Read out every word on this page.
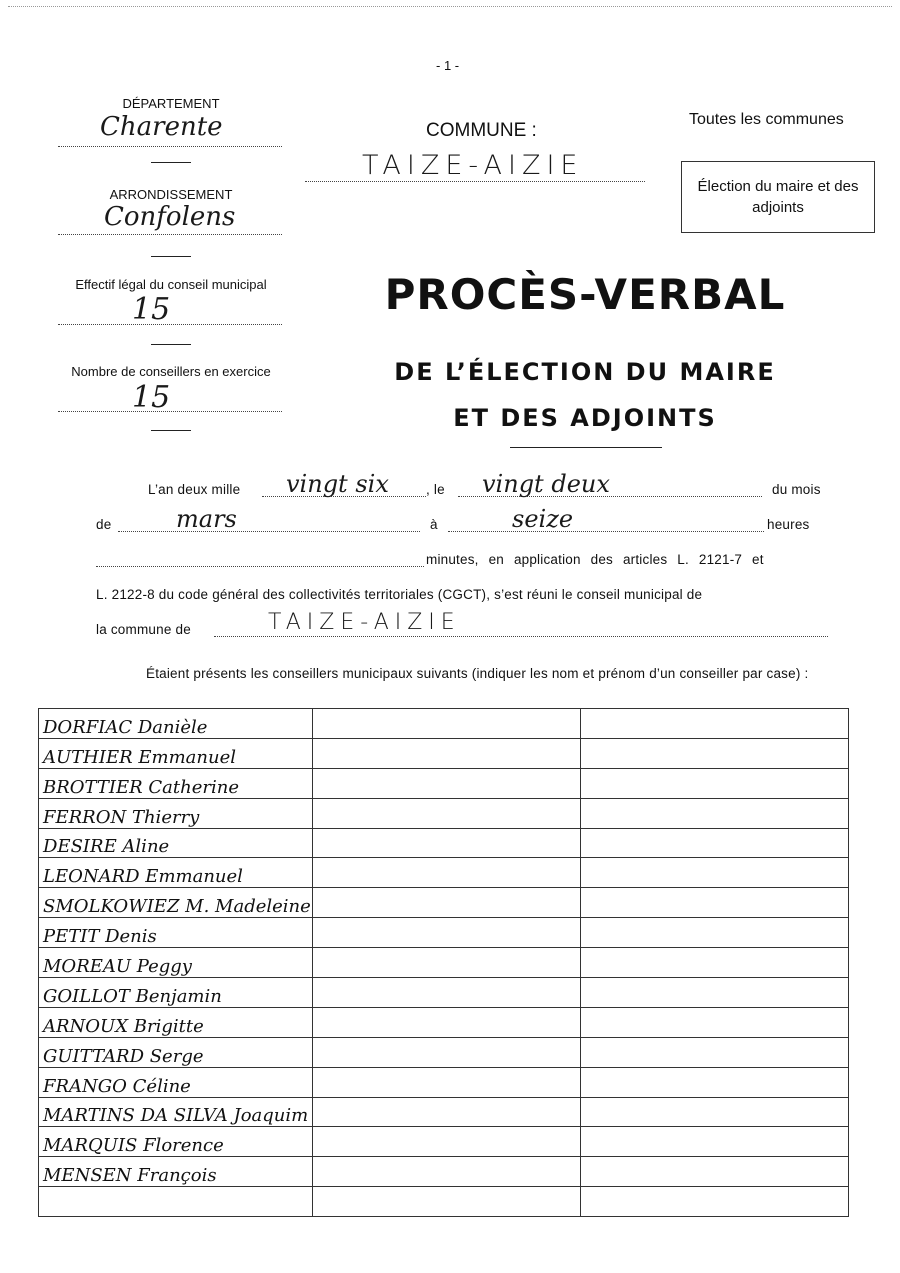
- 1 -
DÉPARTEMENT
Charente
ARRONDISSEMENT
Confolens
Effectif légal du conseil municipal
15
Nombre de conseillers en exercice
15
COMMUNE :
TAIZE-AIZIE
Toutes les communes
Élection du maire et des adjoints
PROCÈS-VERBAL
DE L’ÉLECTION DU MAIRE
ET DES ADJOINTS
L’an deux mille vingt six	, le vingt deux	du mois
de	mars	à	seize	heures
minutes, en application des articles L. 2121-7 et
L. 2122-8 du code général des collectivités territoriales (CGCT), s’est réuni le conseil municipal de
la commune de	TAIZE-AIZIE
Étaient présents les conseillers municipaux suivants (indiquer les nom et prénom d’un conseiller par case) :
DORFIAC Danièle		
AUTHIER Emmanuel		
BROTTIER Catherine		
FERRON Thierry		
DESIRE Aline		
LEONARD Emmanuel		
SMOLKOWIEZ M. Madeleine		
PETIT Denis		
MOREAU Peggy		
GOILLOT Benjamin		
ARNOUX Brigitte		
GUITTARD Serge		
FRANGO Céline		
MARTINS DA SILVA Joaquim		
MARQUIS Florence		
MENSEN François		
